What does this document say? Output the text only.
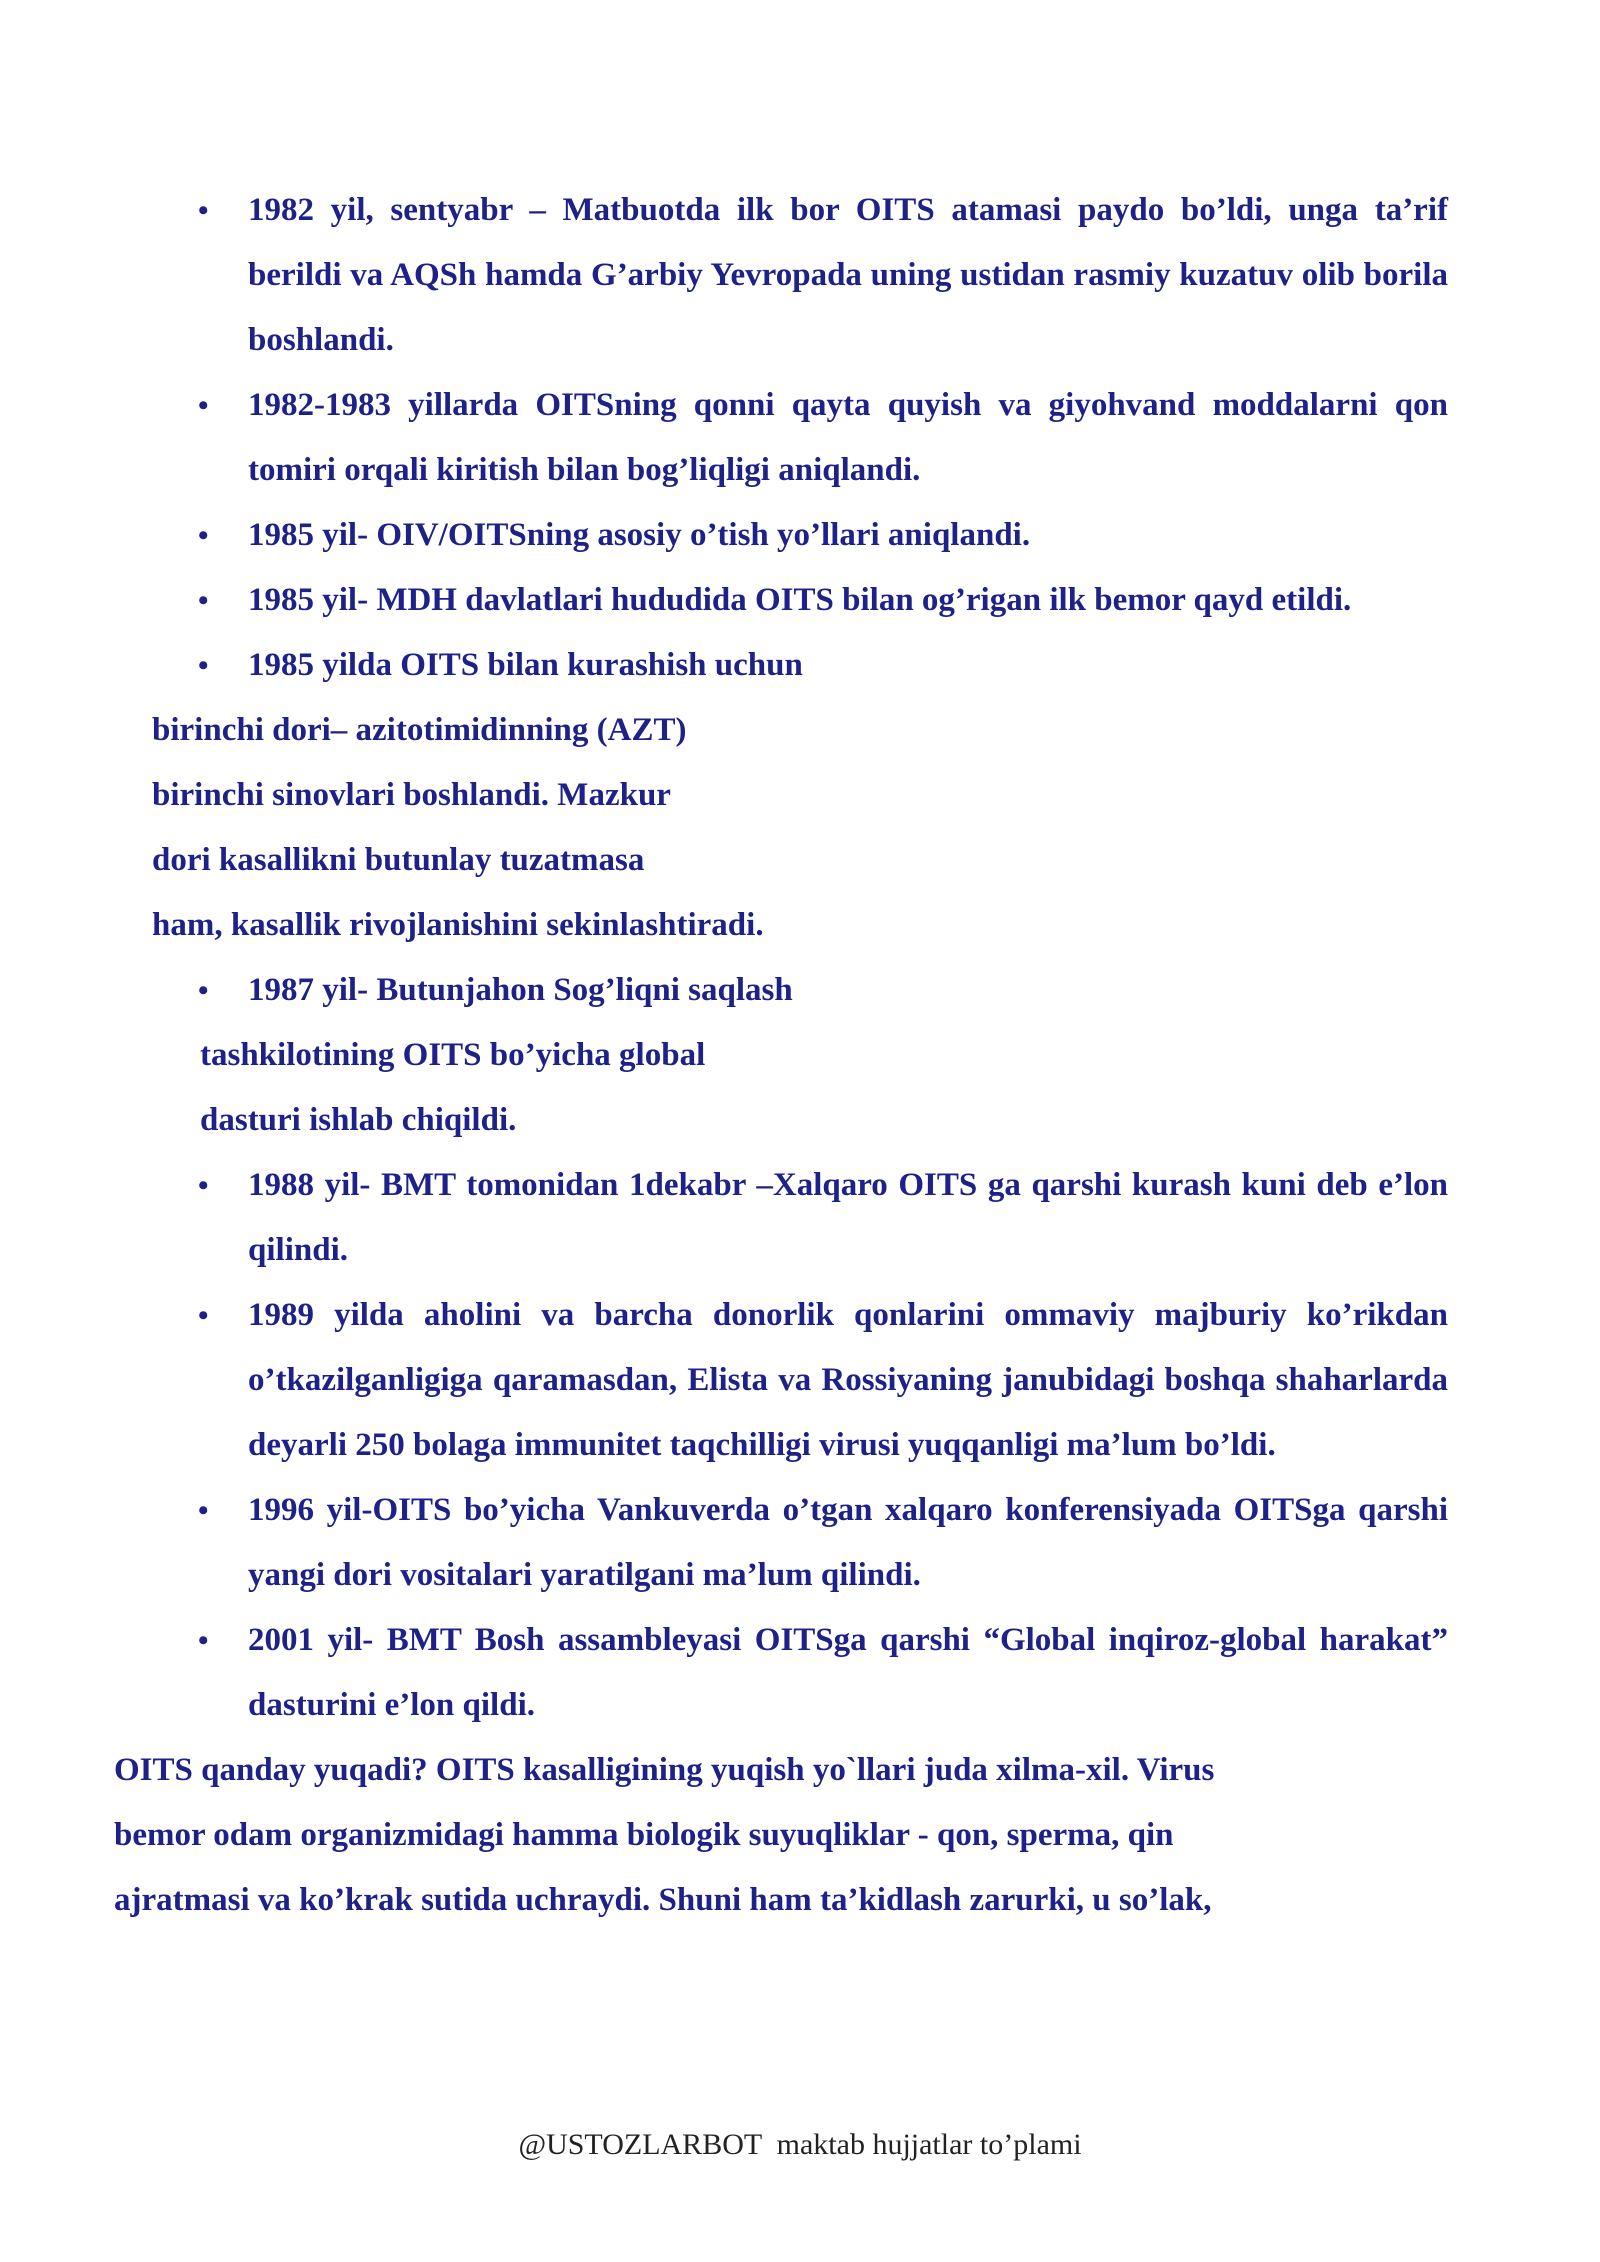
• 1982 yil, sentyabr – Matbuotda ilk bor OITS atamasi paydo bo’ldi, unga ta’rif berildi va AQSh hamda G’arbiy Yevropada uning ustidan rasmiy kuzatuv olib borila boshlandi.
• 1982-1983 yillarda OITSning qonni qayta quyish va giyohvand moddalarni qon tomiri orqali kiritish bilan bog’liqligi aniqlandi.
• 1985 yil- OIV/OITSning asosiy o’tish yo’llari aniqlandi.
• 1985 yil- MDH davlatlari hududida OITS bilan og’rigan ilk bemor qayd etildi.
• 1985 yilda OITS bilan kurashish uchun
birinchi dori– azitotimidinning (AZT)
birinchi sinovlari boshlandi. Mazkur
dori kasallikni butunlay tuzatmasa
ham, kasallik rivojlanishini sekinlashtiradi.
• 1987 yil- Butunjahon Sog’liqni saqlash
tashkilotining OITS bo’yicha global
dasturi ishlab chiqildi.
• 1988 yil- BMT tomonidan 1dekabr –Xalqaro OITS ga qarshi kurash kuni deb e’lon qilindi.
• 1989 yilda aholini va barcha donorlik qonlarini ommaviy majburiy ko’rikdan o’tkazilganligiga qaramasdan, Elista va Rossiyaning janubidagi boshqa shaharlarda deyarli 250 bolaga immunitet taqchilligi virusi yuqqanligi ma’lum bo’ldi.
• 1996 yil-OITS bo’yicha Vankuverda o’tgan xalqaro konferensiyada OITSga qarshi yangi dori vositalari yaratilgani ma’lum qilindi.
• 2001 yil- BMT Bosh assambleyasi OITSga qarshi “Global inqiroz-global harakat” dasturini e’lon qildi.
OITS qanday yuqadi? OITS kasalligining yuqish yo`llari juda xilma-xil. Virus
bemor odam organizmidagi hamma biologik suyuqliklar - qon, sperma, qin
ajratmasi va ko’krak sutida uchraydi. Shuni ham ta’kidlash zarurki, u so’lak,
@USTOZLARBOT  maktab hujjatlar to’plami
